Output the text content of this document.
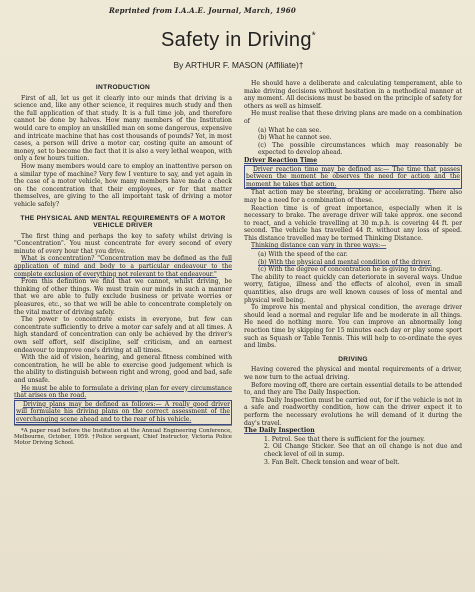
Reprinted from I.A.A.E. Journal, March, 1960
Safety in Driving*
By ARTHUR F. MASON (Affiliate)†
INTRODUCTION

First of all, let us get it clearly into our minds that driving is a science and, like any other science, it requires much study and then the full application of that study. It is a full time job, and therefore cannot be done by halves. How many members of the Institution would care to employ an unskilled man on some dangerous, expensive and intricate machine that has cost thousands of pounds? Yet, in most cases, a person will drive a motor car, costing quite an amount of money, set to become the fact that it is also a very lethal weapon, with only a few hours tuition.

How many members would care to employ an inattentive person on a similar type of machine? Very few I venture to say, and yet again in the case of a motor vehicle, how many members have made a check on the concentration that their employees, or for that matter themselves, are giving to the all important task of driving a motor vehicle safely?

THE PHYSICAL AND MENTAL REQUIREMENTS OF A MOTOR VEHICLE DRIVER

The first thing and perhaps the key to safety whilst driving is "Concentration". You must concentrate for every second of every minute of every hour that you drive.

What is concentration? "Concentration may be defined as the full application of mind and body to a particular endeavour to the complete exclusion of everything not relevant to that endeavour."

From this definition we find that we cannot, whilst driving, be thinking of other things. We must train our minds in such a manner that we are able to fully exclude business or private worries or pleasures, etc., so that we will be able to concentrate completely on the vital matter of driving safely.

The power to concentrate exists in everyone, but few can concentrate sufficiently to drive a motor car safely and at all times. A high standard of concentration can only be achieved by the driver's own self effort, self discipline, self criticism, and an earnest endeavour to improve one's driving at all times.

With the aid of vision, hearing, and general fitness combined with concentration, he will be able to exercise good judgement which is the ability to distinguish between right and wrong, good and bad, safe and unsafe.

He must be able to formulate a driving plan for every circumstance that arises on the road.

Driving plans may be defined as follows:— A really good driver will formulate his driving plans on the correct assessment of the everchanging scene ahead and to the rear of his vehicle.

*A paper read before the Institution at the Annual Engineering Conference, Melbourne, October, 1959. †Police sergeant, Chief Instructor, Victoria Police Motor Driving School.

He should have a deliberate and calculating temperament, able to make driving decisions without hesitation in a methodical manner at any moment. All decisions must be based on the principle of safety for others as well as himself.

He must realise that these driving plans are made on a combination of

(a) What he can see.
(b) What he cannot see.
(c) The possible circumstances which may reasonably be expected to develop ahead.

Driver Reaction Time

Driver reaction time may be defined as:— The time that passes between the moment he observes the need for action and the moment he takes that action.

That action may be steering, braking or accelerating. There also may be a need for a combination of these.

Reaction time is of great importance, especially when it is necessary to brake. The average driver will take approx. one second to react, and a vehicle travelling at 30 m.p.h. is covering 44 ft. per second. The vehicle has travelled 44 ft. without any loss of speed. This distance travelled may be termed Thinking Distance.

Thinking distance can vary in three ways:—

(a) With the speed of the car.
(b) With the physical and mental condition of the driver.
(c) With the degree of concentration he is giving to driving.

The ability to react quickly can deteriorate in several ways. Undue worry, fatigue, illness and the effects of alcohol, even in small quantities, also drugs are well known causes of loss of mental and physical well being.

To improve his mental and physical condition, the average driver should lead a normal and regular life and be moderate in all things. He need do nothing more. You can improve an abnormally long reaction time by skipping for 15 minutes each day or play some sport such as Squash or Table Tennis. This will help to co-ordinate the eyes and limbs.

DRIVING

Having covered the physical and mental requirements of a driver, we now turn to the actual driving.

Before moving off, there are certain essential details to be attended to, and they are The Daily Inspection.

This Daily Inspection must be carried out, for if the vehicle is not in a safe and roadworthy condition, how can the driver expect it to perform the necessary evolutions he will demand of it during the day's travel.

The Daily Inspection

1. Petrol. See that there is sufficient for the journey.
2. Oil Change Sticker. See that an oil change is not due and check level of oil in sump.
3. Fan Belt. Check tension and wear of belt.
